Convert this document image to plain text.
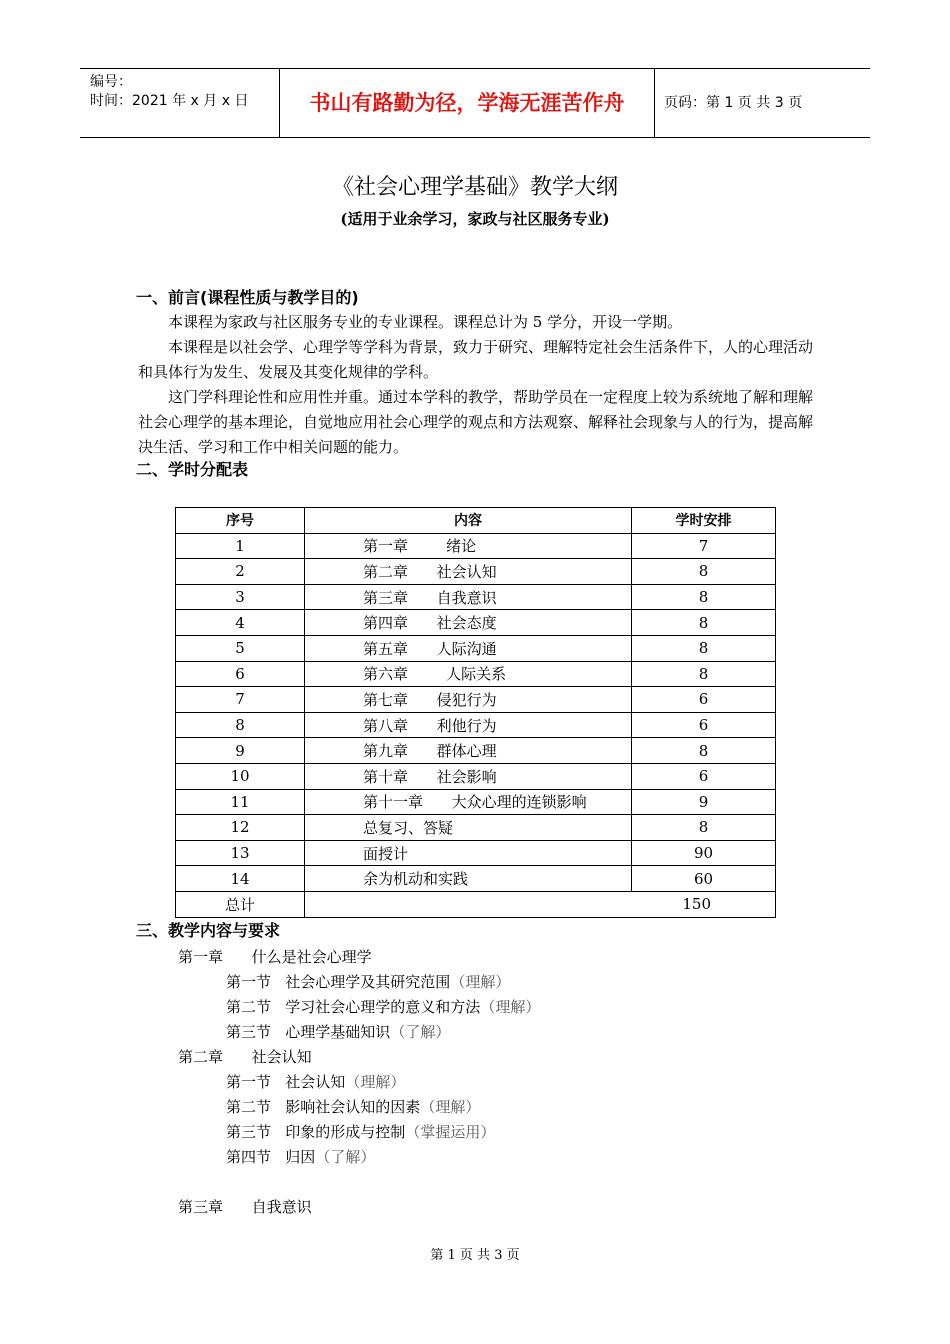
编号：
时间：2021 年 x 月 x 日	书山有路勤为径，学海无涯苦作舟	页码：第 1 页 共 3 页
《社会心理学基础》教学大纲
(适用于业余学习，家政与社区服务专业)
一、前言(课程性质与教学目的)

本课程为家政与社区服务专业的专业课程。课程总计为 5 学分，开设一学期。

本课程是以社会学、心理学等学科为背景，致力于研究、理解特定社会生活条件下，人的心理活动和具体行为发生、发展及其变化规律的学科。

这门学科理论性和应用性并重。通过本学科的教学，帮助学员在一定程度上较为系统地了解和理解社会心理学的基本理论，自觉地应用社会心理学的观点和方法观察、解释社会现象与人的行为，提高解决生活、学习和工作中相关问题的能力。

二、学时分配表
序号	内容	学时安排
1	第一章        绪论	7
2	第二章      社会认知	8
3	第三章      自我意识	8
4	第四章      社会态度	8
5	第五章      人际沟通	8
6	第六章        人际关系	8
7	第七章      侵犯行为	6
8	第八章      利他行为	6
9	第九章      群体心理	8
10	第十章      社会影响	6
11	第十一章      大众心理的连锁影响	9
12	总复习、答疑	8
13	面授计	90
14	余为机动和实践	60
总计	150	
三、教学内容与要求
第一章      什么是社会心理学
第一节   社会心理学及其研究范围（理解）
第二节   学习社会心理学的意义和方法（理解）
第三节   心理学基础知识（了解）
第二章      社会认知
第一节   社会认知（理解）
第二节   影响社会认知的因素（理解）
第三节   印象的形成与控制（掌握运用）
第四节   归因（了解）
第三章      自我意识
第 1 页 共 3 页
